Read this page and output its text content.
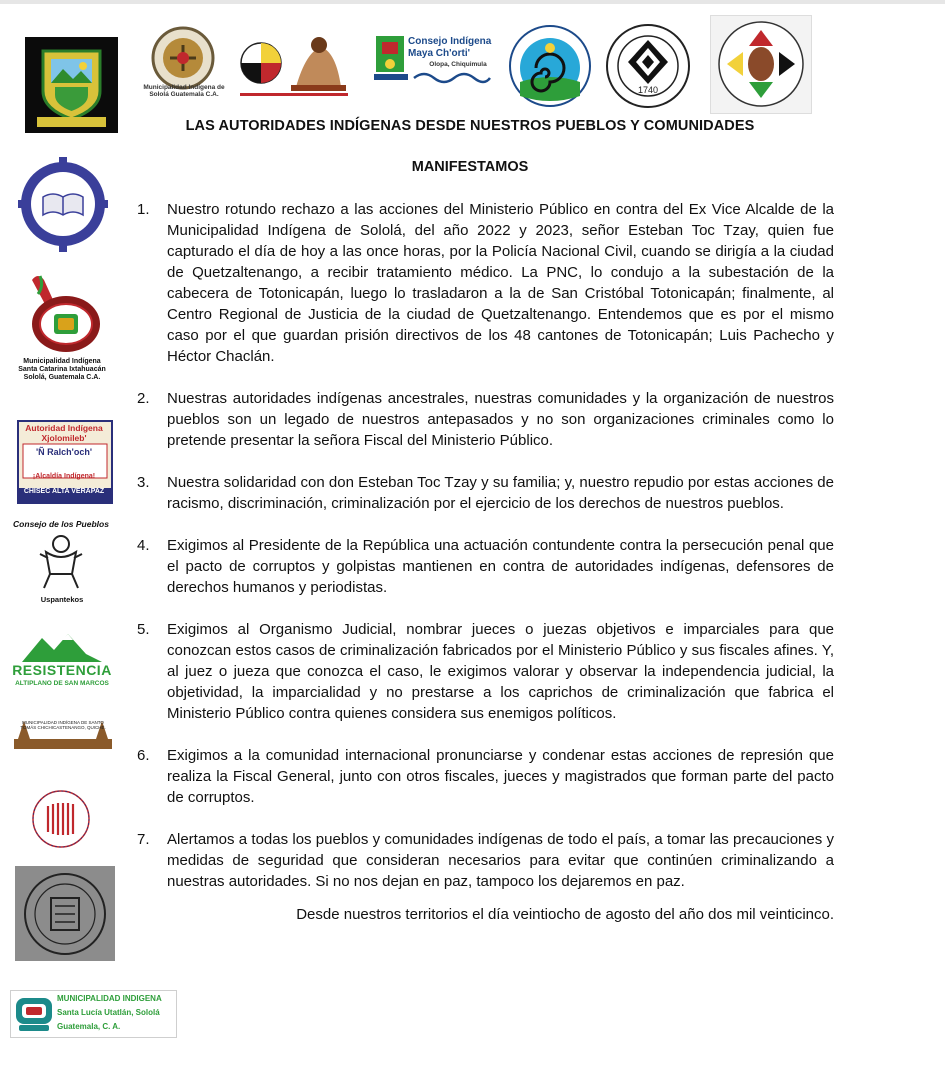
Municipalidad Indígena de Sololá Guatemala C.A.
Consejo Indígena Maya Ch'orti'
Olopa, Chiquimula
1740
LAS AUTORIDADES INDÍGENAS DESDE NUESTROS PUEBLOS Y COMUNIDADES
MANIFESTAMOS
Municipalidad Indígena Santa Catarina Ixtahuacán Sololá, Guatemala C.A.
Autoridad Indígena Xjolomileb'
'Ñ Ralch'och'
¡Alcaldía Indígena!
CHISEC ALTA VERAPAZ
Consejo de los Pueblos
Uspantekos
RESISTENCIA
ALTIPLANO DE SAN MARCOS
MUNICIPALIDAD INDÍGENA DE SANTO TOMÁS CHICHICASTENANGO, QUICHÉ.
MUNICIPALIDAD INDIGENA
Santa Lucía Utatlán, Sololá
Guatemala, C. A.
1. Nuestro rotundo rechazo a las acciones del Ministerio Público en contra del Ex Vice Alcalde de la Municipalidad Indígena de Sololá, del año 2022 y 2023, señor Esteban Toc Tzay, quien fue capturado el día de hoy a las once horas, por la Policía Nacional Civil, cuando se dirigía a la ciudad de Quetzaltenango, a recibir tratamiento médico. La PNC, lo condujo a la subestación de la cabecera de Totonicapán, luego lo trasladaron a la de San Cristóbal Totonicapán; finalmente, al Centro Regional de Justicia de la ciudad de Quetzaltenango. Entendemos que es por el mismo caso por el que guardan prisión directivos de los 48 cantones de Totonicapán; Luis Pachecho y Héctor Chaclán.
2. Nuestras autoridades indígenas ancestrales, nuestras comunidades y la organización de nuestros pueblos son un legado de nuestros antepasados y no son organizaciones criminales como lo pretende presentar la señora Fiscal del Ministerio Público.
3. Nuestra solidaridad con don Esteban Toc Tzay y su familia; y, nuestro repudio por estas acciones de racismo, discriminación, criminalización por el ejercicio de los derechos de nuestros pueblos.
4. Exigimos al Presidente de la República una actuación contundente contra la persecución penal que el pacto de corruptos y golpistas mantienen en contra de autoridades indígenas, defensores de derechos humanos y periodistas.
5. Exigimos al Organismo Judicial, nombrar jueces o juezas objetivos e imparciales para que conozcan estos casos de criminalización fabricados por el Ministerio Público y sus fiscales afines. Y, al juez o jueza que conozca el caso, le exigimos valorar y observar la independencia judicial, la objetividad, la imparcialidad y no prestarse a los caprichos de criminalización que fabrica el Ministerio Público contra quienes considera sus enemigos políticos.
6. Exigimos a la comunidad internacional pronunciarse y condenar estas acciones de represión que realiza la Fiscal General, junto con otros fiscales, jueces y magistrados que forman parte del pacto de corruptos.
7. Alertamos a todas los pueblos y comunidades indígenas de todo el país, a tomar las precauciones y medidas de seguridad que consideran necesarios para evitar que continúen criminalizando a nuestras autoridades. Si no nos dejan en paz, tampoco los dejaremos en paz.
Desde nuestros territorios el día veintiocho de agosto del año dos mil veinticinco.
